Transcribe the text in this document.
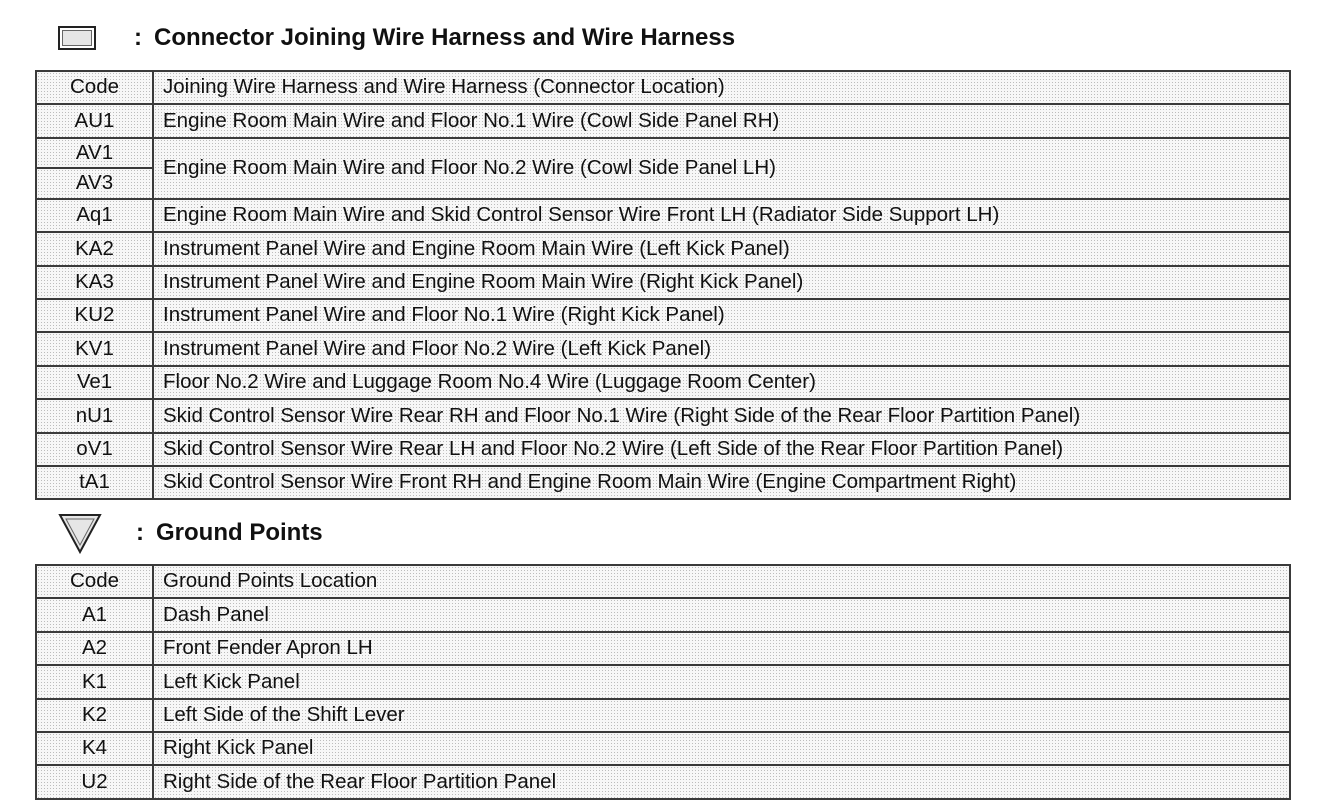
: Connector Joining Wire Harness and Wire Harness
Code	Joining Wire Harness and Wire Harness (Connector Location)
AU1	Engine Room Main Wire and Floor No.1 Wire (Cowl Side Panel RH)
AV1	Engine Room Main Wire and Floor No.2 Wire (Cowl Side Panel LH)
AV3	
Aq1	Engine Room Main Wire and Skid Control Sensor Wire Front LH (Radiator Side Support LH)
KA2	Instrument Panel Wire and Engine Room Main Wire (Left Kick Panel)
KA3	Instrument Panel Wire and Engine Room Main Wire (Right Kick Panel)
KU2	Instrument Panel Wire and Floor No.1 Wire (Right Kick Panel)
KV1	Instrument Panel Wire and Floor No.2 Wire (Left Kick Panel)
Ve1	Floor No.2 Wire and Luggage Room No.4 Wire (Luggage Room Center)
nU1	Skid Control Sensor Wire Rear RH and Floor No.1 Wire (Right Side of the Rear Floor Partition Panel)
oV1	Skid Control Sensor Wire Rear LH and Floor No.2 Wire (Left Side of the Rear Floor Partition Panel)
tA1	Skid Control Sensor Wire Front RH and Engine Room Main Wire (Engine Compartment Right)
: Ground Points
Code	Ground Points Location
A1	Dash Panel
A2	Front Fender Apron LH
K1	Left Kick Panel
K2	Left Side of the Shift Lever
K4	Right Kick Panel
U2	Right Side of the Rear Floor Partition Panel
